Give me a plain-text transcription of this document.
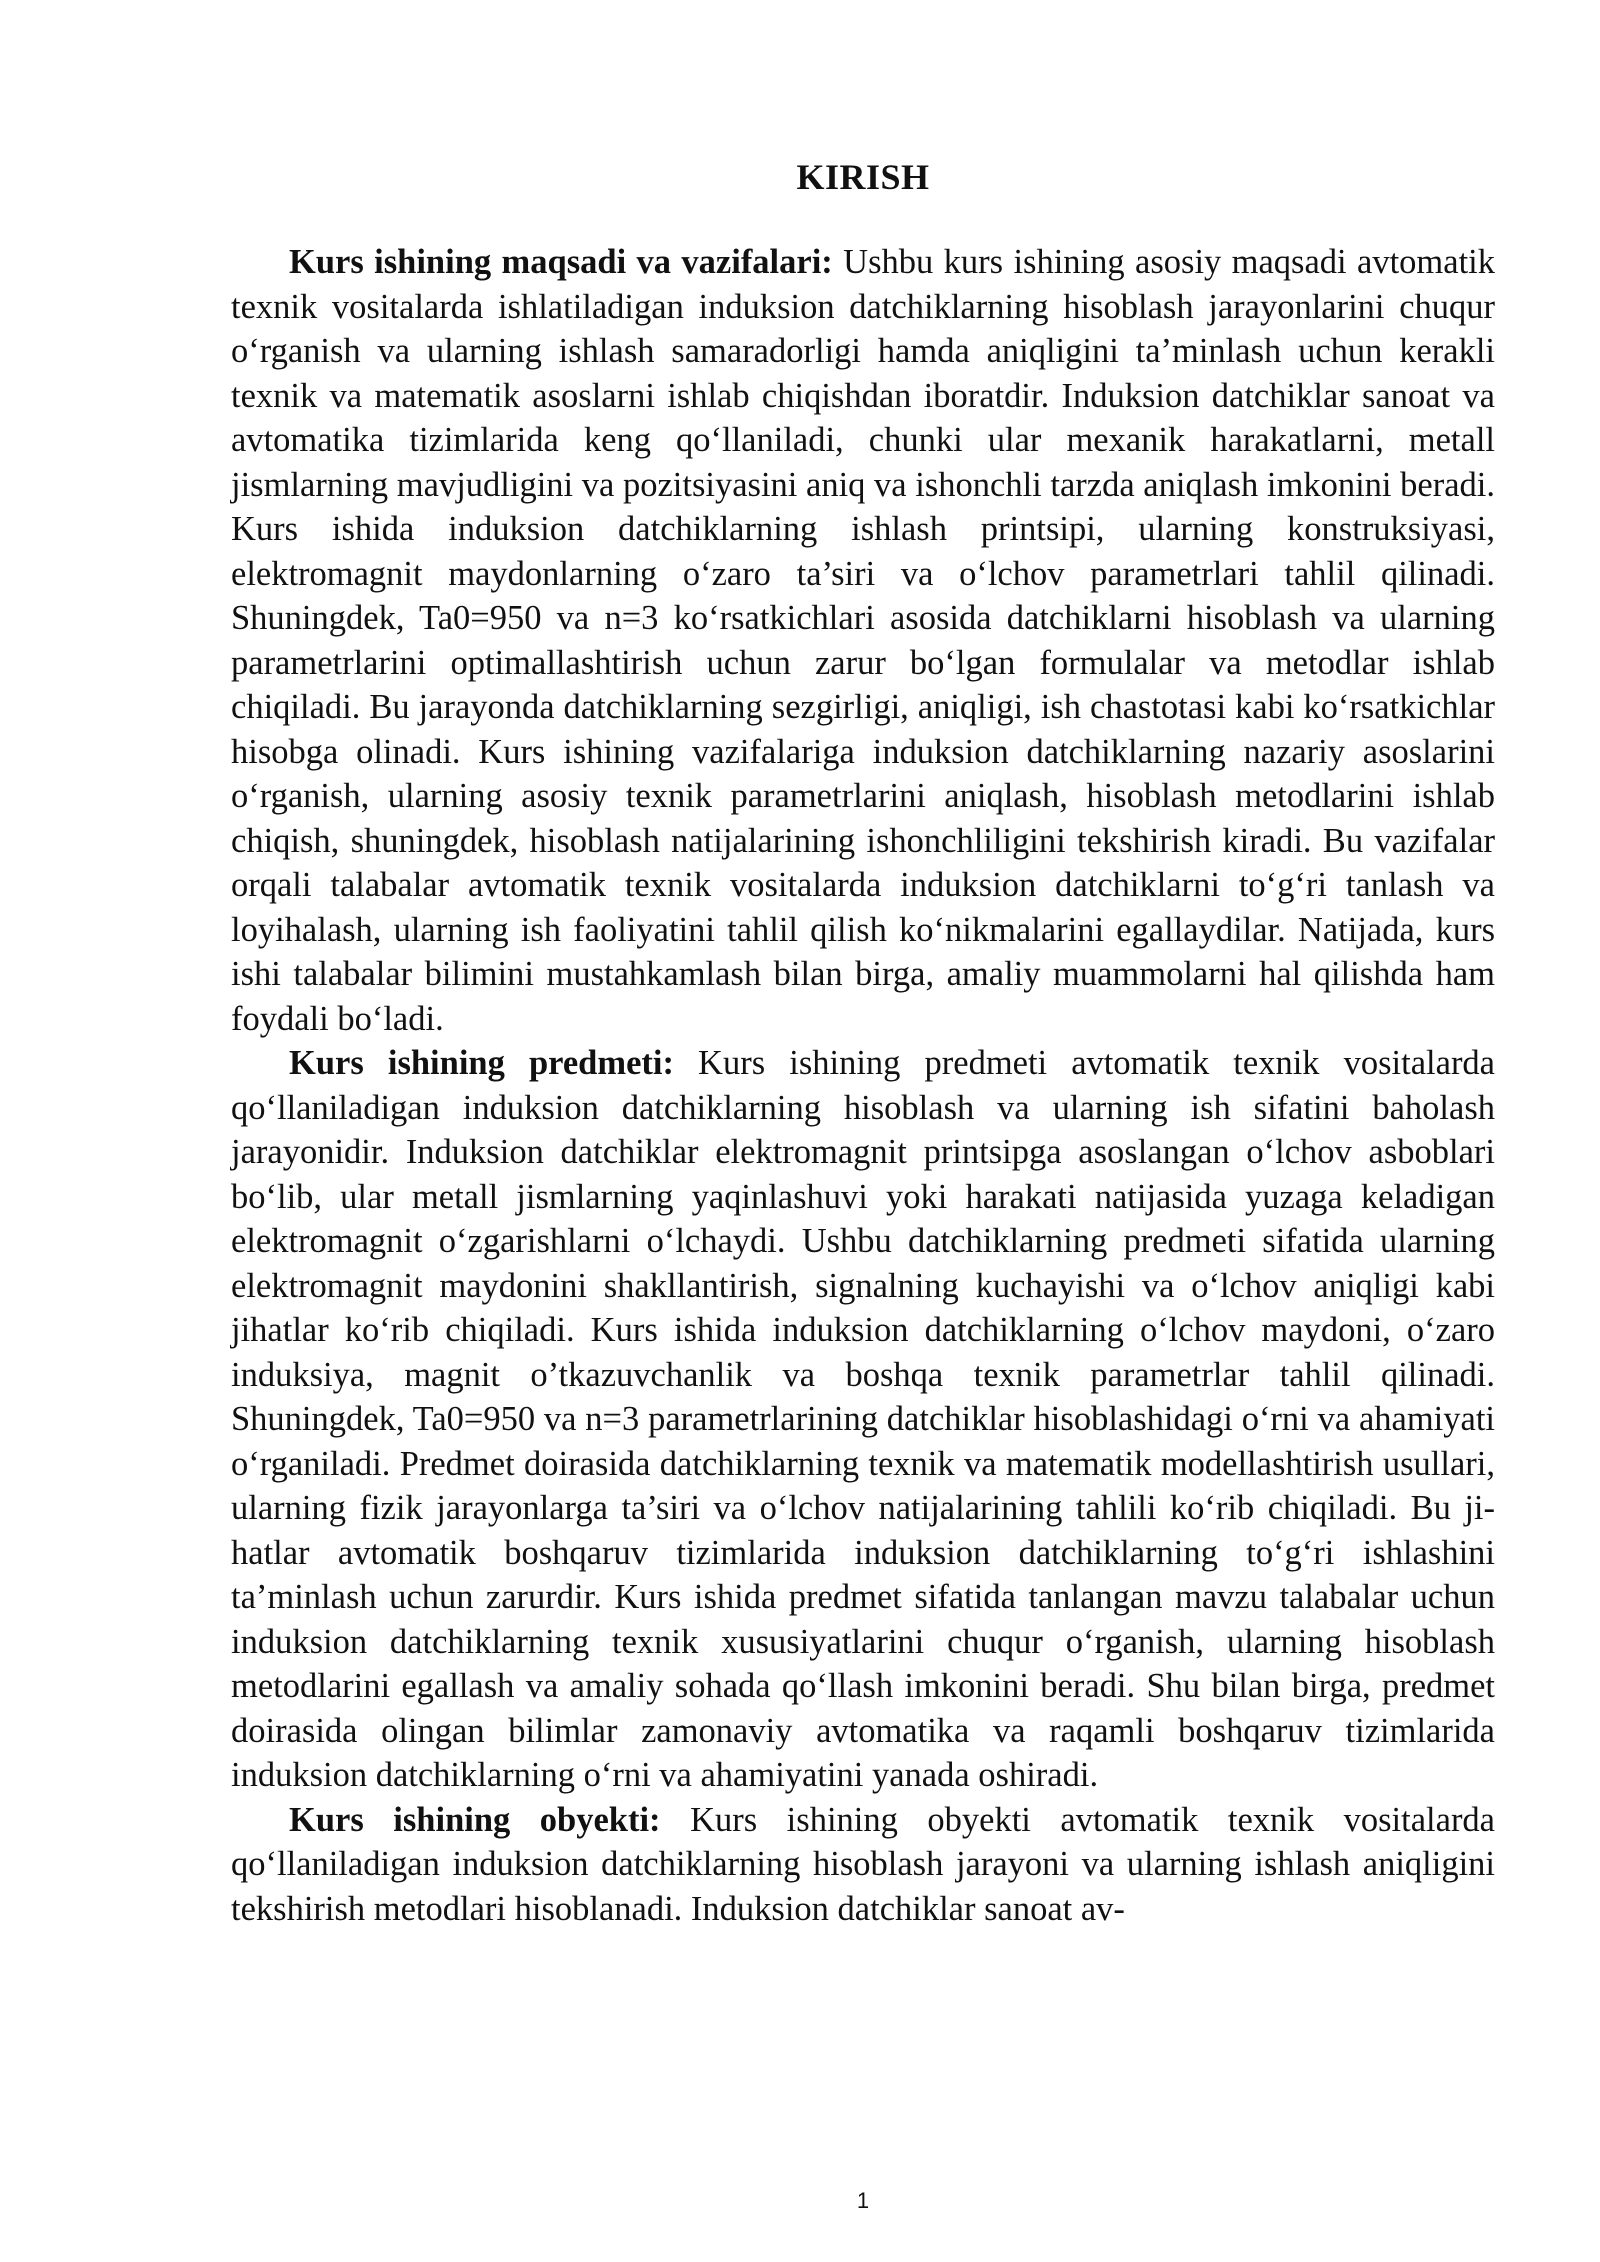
KIRISH

Kurs ishining maqsadi va vazifalari: Ushbu kurs ishining asosiy maqsadi avtomatik texnik vositalarda ishlatiladigan induksion datchiklarning hisoblash jarayonlarini chuqur o‘rganish va ularning ishlash samaradorligi hamda aniqligini ta’minlash uchun kerakli texnik va matematik asoslarni ishlab chiqishdan iboratdir. Induksion datchiklar sanoat va avtomatika tizimlarida keng qo‘llaniladi, chunki ular mexanik harakatlarni, metall jismlarning mavjudligini va pozitsiyasini aniq va ishonchli tarzda aniqlash imkonini beradi. Kurs ishida induksion datchiklarning ishlash printsipi, ularning konstruksiyasi, elektromagnit maydonlarning o‘zaro ta’siri va o‘lchov parametrlari tahlil qilinadi. Shuningdek, Ta0=950 va n=3 ko‘rsatkichlari asosida datchiklarni hisoblash va ularning parametrlarini optimallashtirish uchun zarur bo‘lgan formulalar va metodlar ishlab chiqiladi. Bu jarayonda datchiklarning sezgirligi, aniqligi, ish chastotasi kabi ko‘rsatkichlar hisobga olinadi. Kurs ishining vazifalariga induksion datchiklarning nazariy asoslarini o‘rganish, ularning asosiy texnik parametrlarini aniqlash, hisoblash metodlarini ishlab chiqish, shuningdek, hisoblash natijalarining ishonchliligini tekshirish kiradi. Bu vazifalar orqali talabalar avtomatik texnik vositalarda induksion datchiklarni to‘g‘ri tanlash va loyihalash, ularning ish faoliyatini tahlil qilish ko‘nikmalarini egallaydilar. Natijada, kurs ishi talabalar bilimini mustahkamlash bilan birga, amaliy muammolarni hal qilishda ham foydali bo‘ladi.

Kurs ishining predmeti: Kurs ishining predmeti avtomatik texnik vositalarda qo‘llaniladigan induksion datchiklarning hisoblash va ularning ish sifatini baholash jarayonidir. Induksion datchiklar elektromagnit printsipga asoslangan o‘lchov asboblari bo‘lib, ular metall jismlarning yaqinlashuvi yoki harakati natijasida yuzaga keladigan elektromagnit o‘zgarishlarni o‘lchaydi. Ushbu datchiklarning predmeti sifatida ularning elektromagnit maydonini shakllantirish, signalning kuchayishi va o‘lchov aniqligi kabi jihatlar ko‘rib chiqiladi. Kurs ishida induksion datchiklarning o‘lchov maydoni, o‘zaro induksiya, magnit o’tkazuvchanlik va boshqa texnik parametrlar tahlil qilinadi. Shuningdek, Ta0=950 va n=3 parametrlarining datchiklar hisoblashidagi o‘rni va ahamiyati o‘rganiladi. Predmet doirasida datchiklarning texnik va matematik modellashtirish usullari, ularning fizik jarayonlarga ta’siri va o‘lchov natijalarining tahlili ko‘rib chiqiladi. Bu jihatlar avtomatik boshqaruv tizimlarida induksion datchiklarning to‘g‘ri ishlashini ta’minlash uchun zarurdir. Kurs ishida predmet sifatida tanlangan mavzu talabalar uchun induksion datchiklarning texnik xususiyatlarini chuqur o‘rganish, ularning hisoblash metodlarini egallash va amaliy sohada qo‘llash imkonini beradi. Shu bilan birga, predmet doirasida olingan bilimlar zamonaviy avtomatika va raqamli boshqaruv tizimlarida induksion datchiklarning o‘rni va ahamiyatini yanada oshiradi.

Kurs ishining obyekti: Kurs ishining obyekti avtomatik texnik vositalarda qo‘llaniladigan induksion datchiklarning hisoblash jarayoni va ularning ishlash aniqligini tekshirish metodlari hisoblanadi. Induksion datchiklar sanoat av-

1
